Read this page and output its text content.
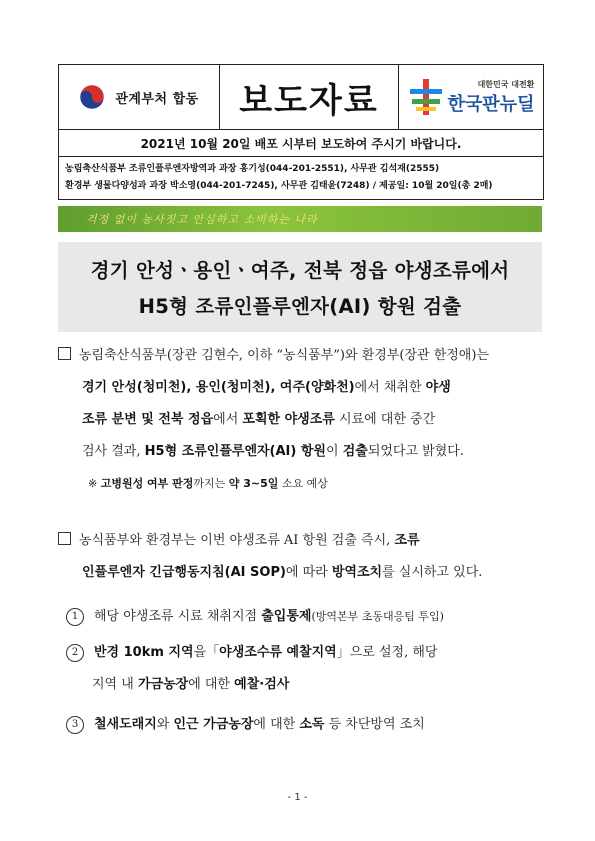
관계부처 합동 보도자료	대한민국 대전환
한국판뉴딜
2021년 10월 20일 배포 시부터 보도하여 주시기 바랍니다.
농림축산식품부 조류인플루엔자방역과 과장 홍기성(044-201-2551), 사무관 김석재(2555)
환경부 생물다양성과 과장 박소영(044-201-7245), 사무관 김태윤(7248) / 제공일: 10월 20일(총 2매)
걱정 없이 농사짓고 안심하고 소비하는 나라
경기 안성ㆍ용인ㆍ여주, 전북 정읍 야생조류에서
H5형 조류인플루엔자(AI) 항원 검출
농림축산식품부(장관 김현수, 이하 “농식품부”)와 환경부(장관 한정애)는
경기 안성(청미천), 용인(청미천), 여주(양화천)에서 채취한 야생
조류 분변 및 전북 정읍에서 포획한 야생조류 시료에 대한 중간
검사 결과, H5형 조류인플루엔자(AI) 항원이 검출되었다고 밝혔다.
※ 고병원성 여부 판정까지는 약 3~5일 소요 예상
농식품부와 환경부는 이번 야생조류 AI 항원 검출 즉시, 조류
인플루엔자 긴급행동지침(AI SOP)에 따라 방역조치를 실시하고 있다.
1 해당 야생조류 시료 채취지점 출입통제(방역본부 초동대응팀 투입)
2 반경 10km 지역을「야생조수류 예찰지역」으로 설정, 해당
지역 내 가금농장에 대한 예찰·검사
3 철새도래지와 인근 가금농장에 대한 소독 등 차단방역 조치
- 1 -
